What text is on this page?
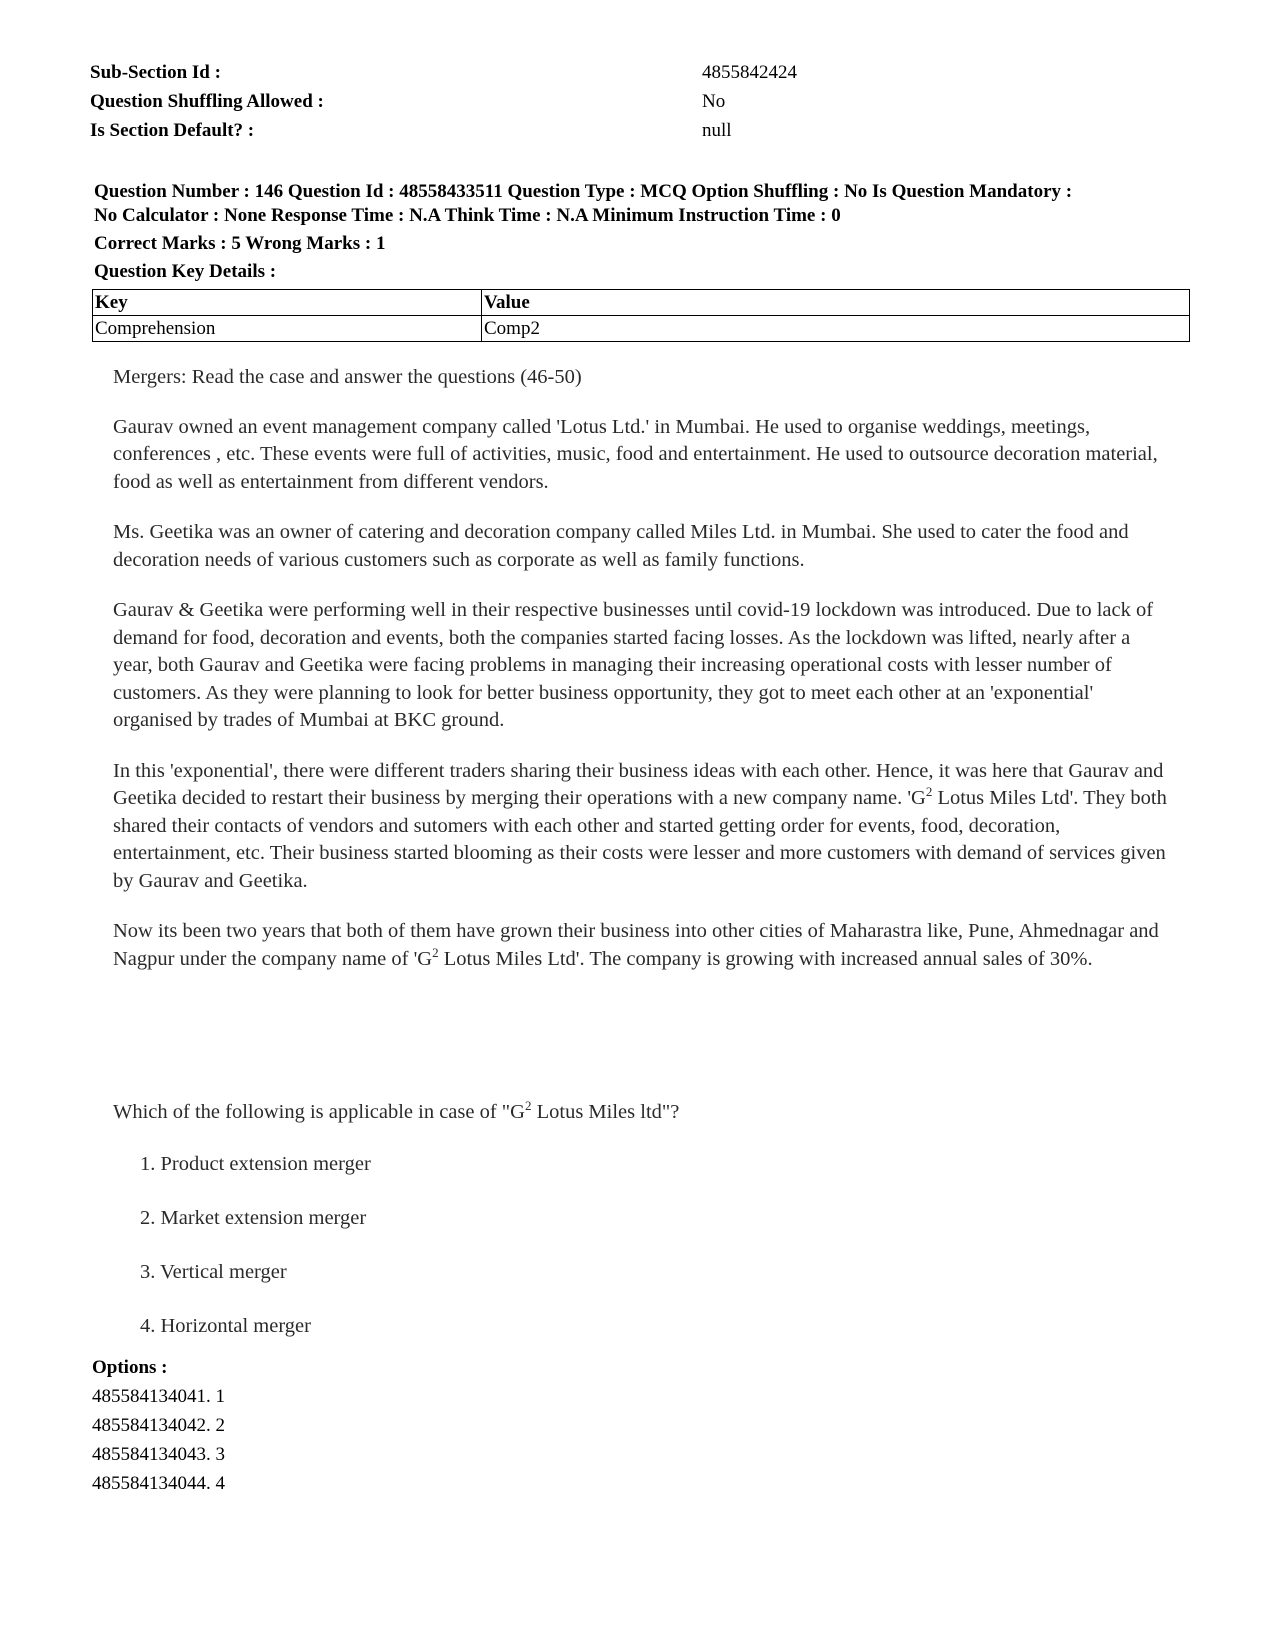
Sub-Section Id :	4855842424
Question Shuffling Allowed :	No
Is Section Default? :	null
Question Number : 146 Question Id : 48558433511 Question Type : MCQ Option Shuffling : No Is Question Mandatory :
No Calculator : None Response Time : N.A Think Time : N.A Minimum Instruction Time : 0
Correct Marks : 5 Wrong Marks : 1
Question Key Details :
Key	Value
Comprehension	Comp2

Mergers: Read the case and answer the questions (46-50)

Gaurav owned an event management company called 'Lotus Ltd.' in Mumbai. He used to organise weddings, meetings, conferences , etc. These events were full of activities, music, food and entertainment. He used to outsource decoration material, food as well as entertainment from different vendors.

Ms. Geetika was an owner of catering and decoration company called Miles Ltd. in Mumbai. She used to cater the food and decoration needs of various customers such as corporate as well as family functions.

Gaurav & Geetika were performing well in their respective businesses until covid-19 lockdown was introduced. Due to lack of demand for food, decoration and events, both the companies started facing losses. As the lockdown was lifted, nearly after a year, both Gaurav and Geetika were facing problems in managing their increasing operational costs with lesser number of customers. As they were planning to look for better business opportunity, they got to meet each other at an 'exponential' organised by trades of Mumbai at BKC ground.

In this 'exponential', there were different traders sharing their business ideas with each other. Hence, it was here that Gaurav and Geetika decided to restart their business by merging their operations with a new company name. '$G^2$ Lotus Miles Ltd'. They both shared their contacts of vendors and sutomers with each other and started getting order for events, food, decoration, entertainment, etc. Their business started blooming as their costs were lesser and more customers with demand of services given by Gaurav and Geetika.

Now its been two years that both of them have grown their business into other cities of Maharastra like, Pune, Ahmednagar and Nagpur under the company name of '$G^2$ Lotus Miles Ltd'. The company is growing with increased annual sales of 30%.

Which of the following is applicable in case of "$G^2$ Lotus Miles ltd"?
1. Product extension merger
2. Market extension merger
3. Vertical merger
4. Horizontal merger
Options :
485584134041. 1
485584134042. 2
485584134043. 3
485584134044. 4
